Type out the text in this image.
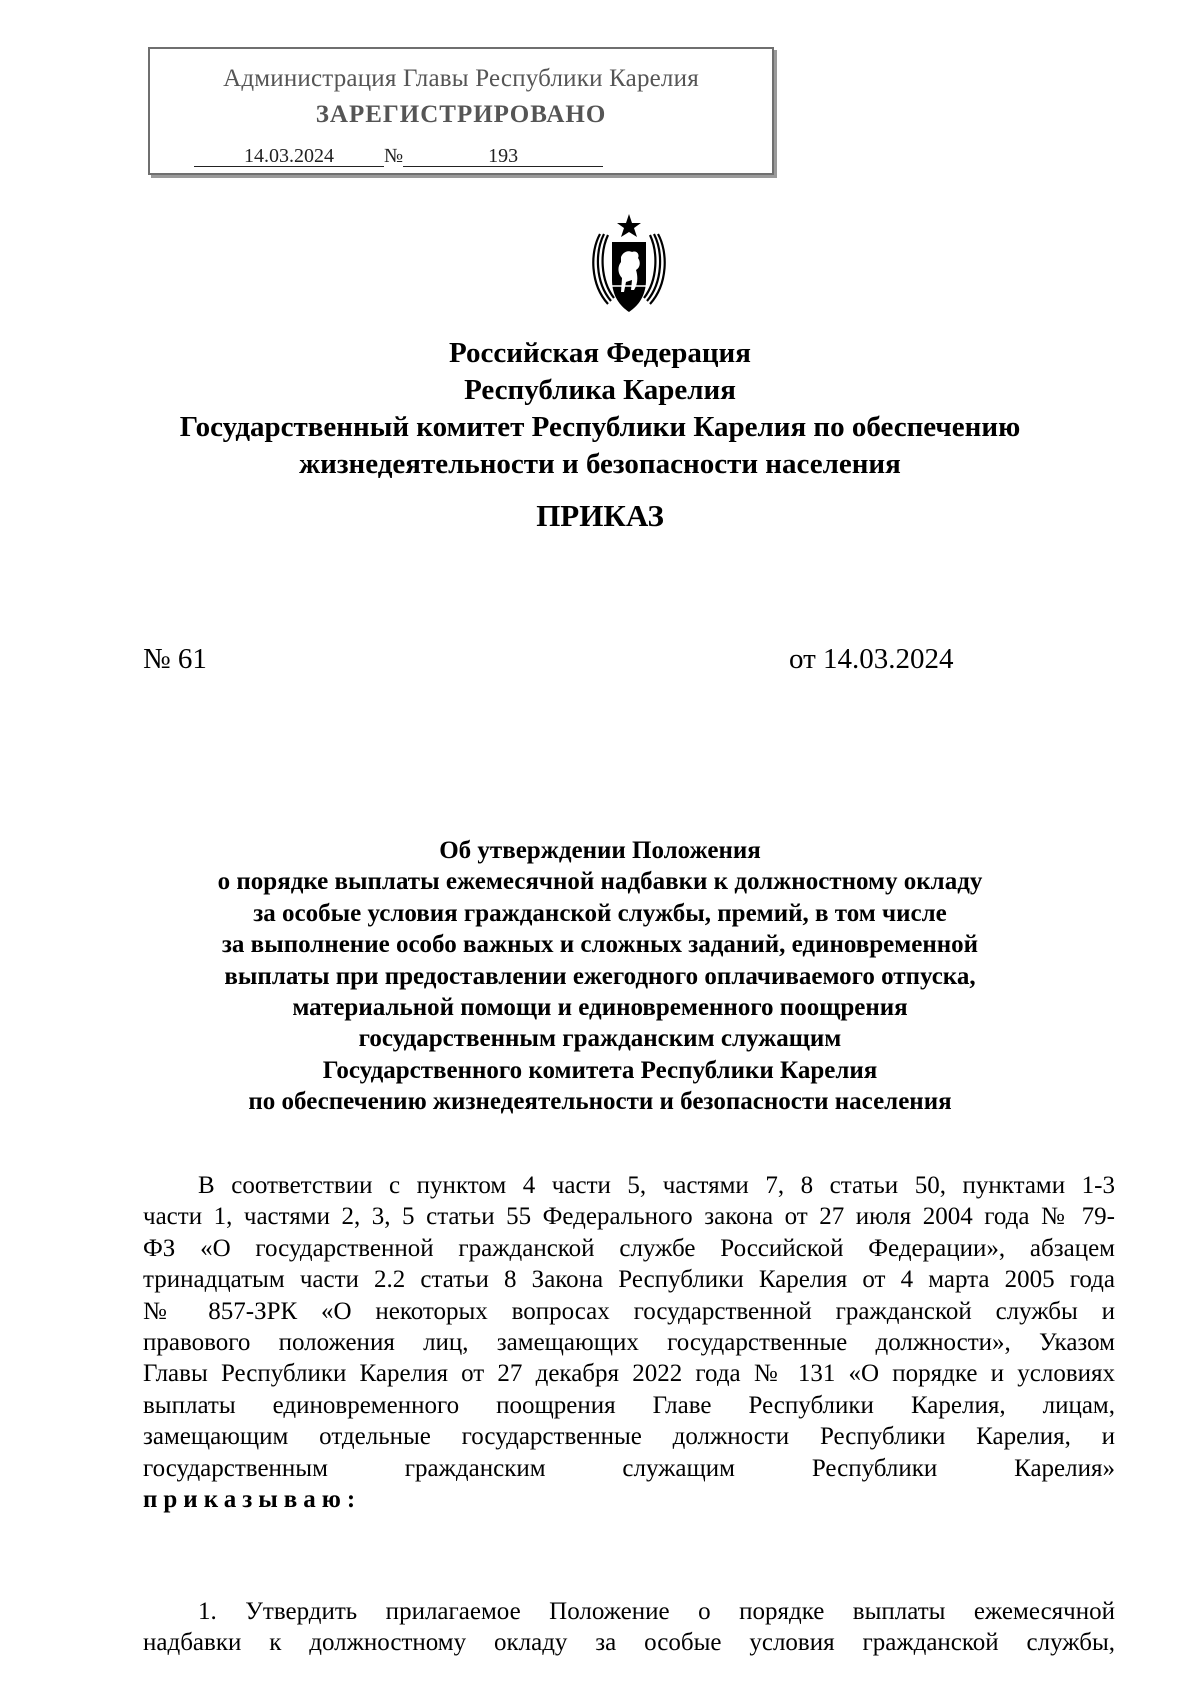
Администрация Главы Республики Карелия
ЗАРЕГИСТРИРОВАНО
14.03.2024	№	193
Российская Федерация
Республика Карелия
Государственный комитет Республики Карелия по обеспечению
жизнедеятельности и безопасности населения
ПРИКАЗ
№ 61	от 14.03.2024
Об утверждении Положения
о порядке выплаты ежемесячной надбавки к должностному окладу
за особые условия гражданской службы, премий, в том числе
за выполнение особо важных и сложных заданий, единовременной
выплаты при предоставлении ежегодного оплачиваемого отпуска,
материальной помощи и единовременного поощрения
государственным гражданским служащим
Государственного комитета Республики Карелия
по обеспечению жизнедеятельности и безопасности населения
В соответствии с пунктом 4 части 5, частями 7, 8 статьи 50, пунктами 1-3
части 1, частями 2, 3, 5 статьи 55 Федерального закона от 27 июля 2004 года № 79-
ФЗ «О государственной гражданской службе Российской Федерации», абзацем
тринадцатым части 2.2 статьи 8 Закона Республики Карелия от 4 марта 2005 года
№ 857-ЗРК «О некоторых вопросах государственной гражданской службы и
правового положения лиц, замещающих государственные должности», Указом
Главы Республики Карелия от 27 декабря 2022 года № 131 «О порядке и условиях
выплаты единовременного поощрения Главе Республики Карелия, лицам,
замещающим отдельные государственные должности Республики Карелия, и
государственным гражданским служащим Республики Карелия»
приказываю:
1. Утвердить прилагаемое Положение о порядке выплаты ежемесячной
надбавки к должностному окладу за особые условия гражданской службы,
